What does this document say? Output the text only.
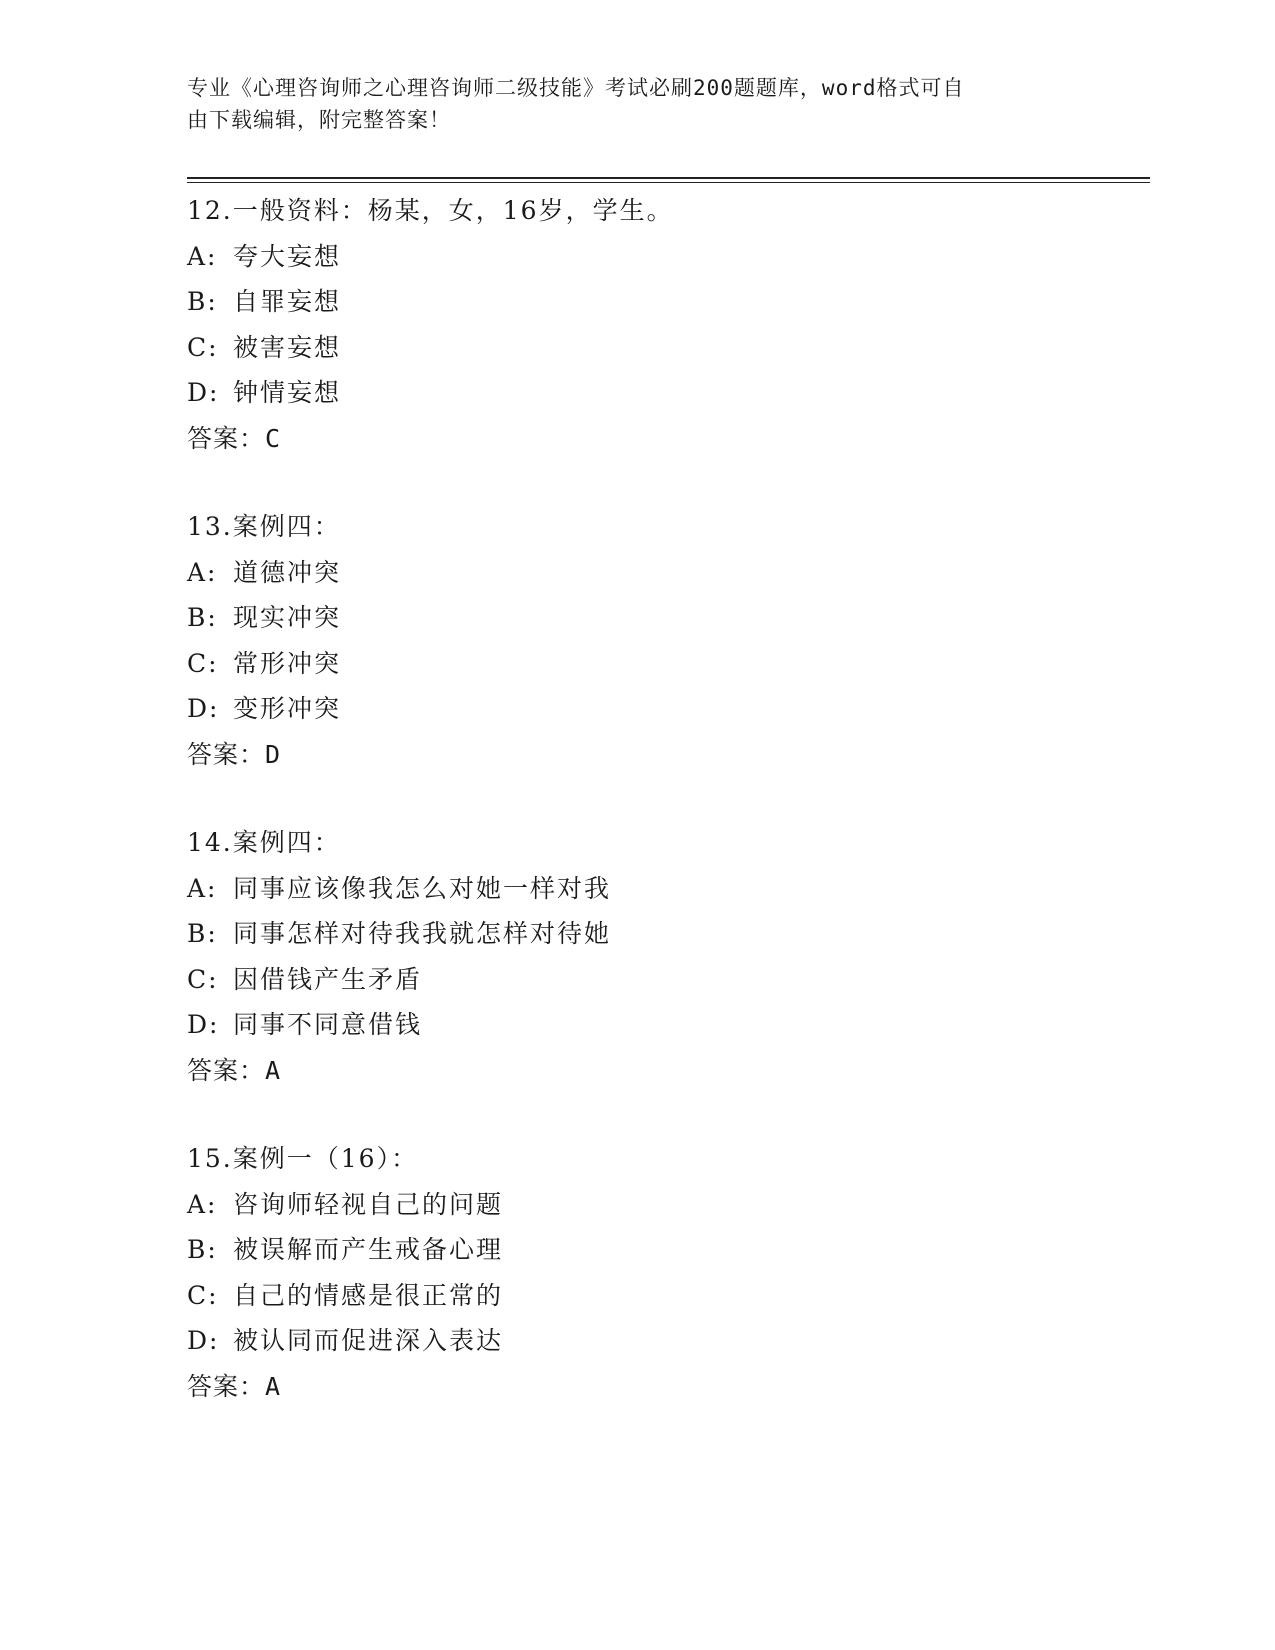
专业《心理咨询师之心理咨询师二级技能》考试必刷200题题库，word格式可自
由下载编辑，附完整答案！
12.一般资料：杨某，女，16岁，学生。
A: 夸大妄想
B: 自罪妄想
C: 被害妄想
D: 钟情妄想
答案：C
13.案例四：
A: 道德冲突
B: 现实冲突
C: 常形冲突
D: 变形冲突
答案：D
14.案例四：
A: 同事应该像我怎么对她一样对我
B: 同事怎样对待我我就怎样对待她
C: 因借钱产生矛盾
D: 同事不同意借钱
答案：A
15.案例一（16）：
A: 咨询师轻视自己的问题
B: 被误解而产生戒备心理
C: 自己的情感是很正常的
D: 被认同而促进深入表达
答案：A
